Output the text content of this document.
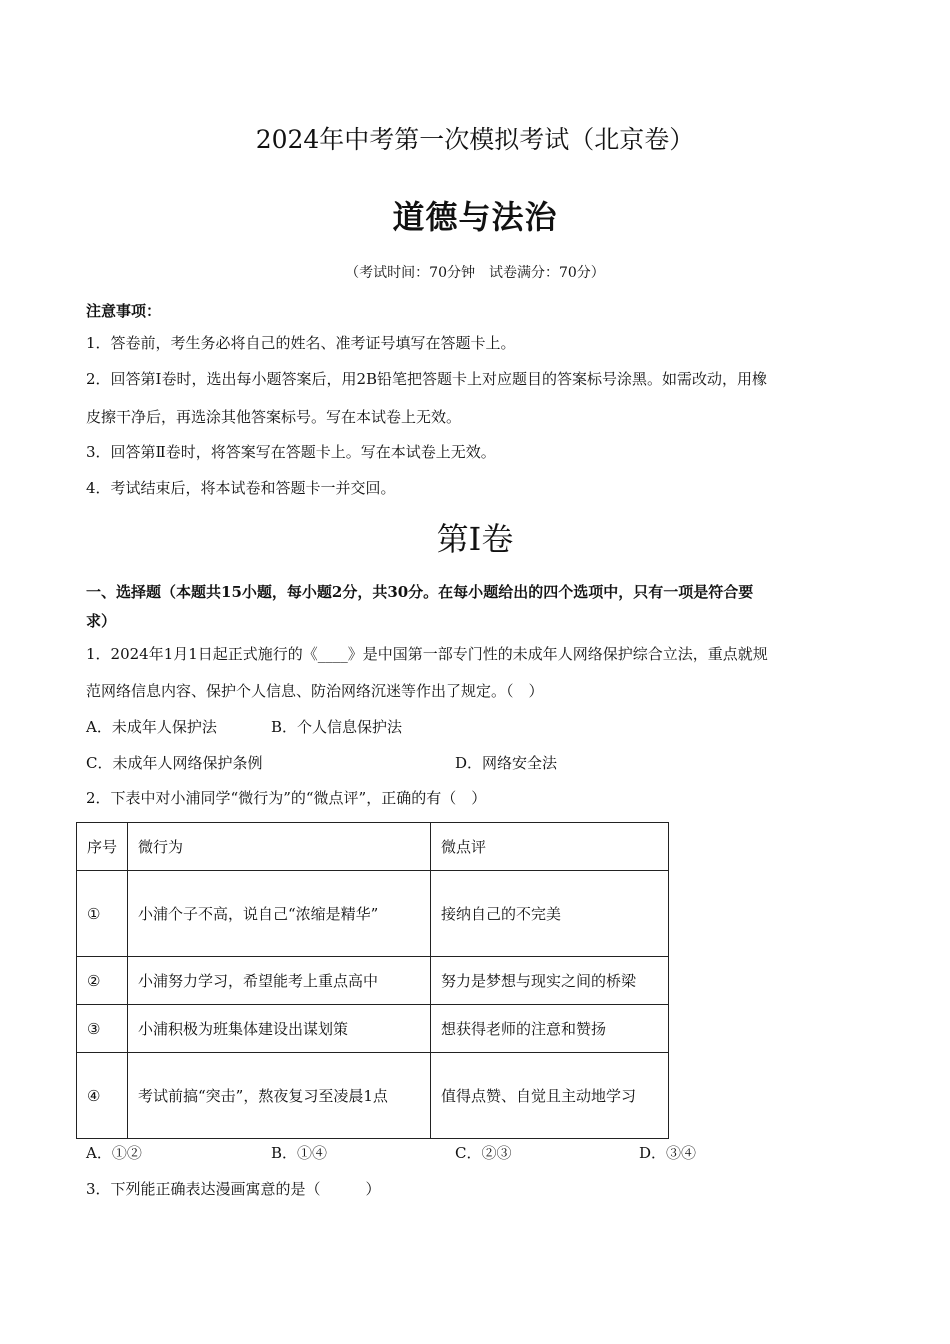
2024年中考第一次模拟考试（北京卷）
道德与法治
（考试时间：70分钟　试卷满分：70分）
注意事项：
1．答卷前，考生务必将自己的姓名、准考证号填写在答题卡上。
2．回答第Ⅰ卷时，选出每小题答案后，用2B铅笔把答题卡上对应题目的答案标号涂黑。如需改动，用橡
皮擦干净后，再选涂其他答案标号。写在本试卷上无效。
3．回答第Ⅱ卷时，将答案写在答题卡上。写在本试卷上无效。
4．考试结束后，将本试卷和答题卡一并交回。
第Ⅰ卷
一、选择题（本题共15小题，每小题2分，共30分。在每小题给出的四个选项中，只有一项是符合要
求）
1．2024年1月1日起正式施行的《____》是中国第一部专门性的未成年人网络保护综合立法，重点就规
范网络信息内容、保护个人信息、防治网络沉迷等作出了规定。（　）
A．未成年人保护法	B．个人信息保护法
C．未成年人网络保护条例	D．网络安全法
2．下表中对小浦同学“微行为”的“微点评”，正确的有（　）
序号	微行为	微点评
①	小浦个子不高，说自己“浓缩是精华”	接纳自己的不完美
②	小浦努力学习，希望能考上重点高中	努力是梦想与现实之间的桥梁
③	小浦积极为班集体建设出谋划策	想获得老师的注意和赞扬
④	考试前搞“突击”，熬夜复习至凌晨1点	值得点赞、自觉且主动地学习
A．①②	B．①④	C．②③	D．③④
3．下列能正确表达漫画寓意的是（　　　）
